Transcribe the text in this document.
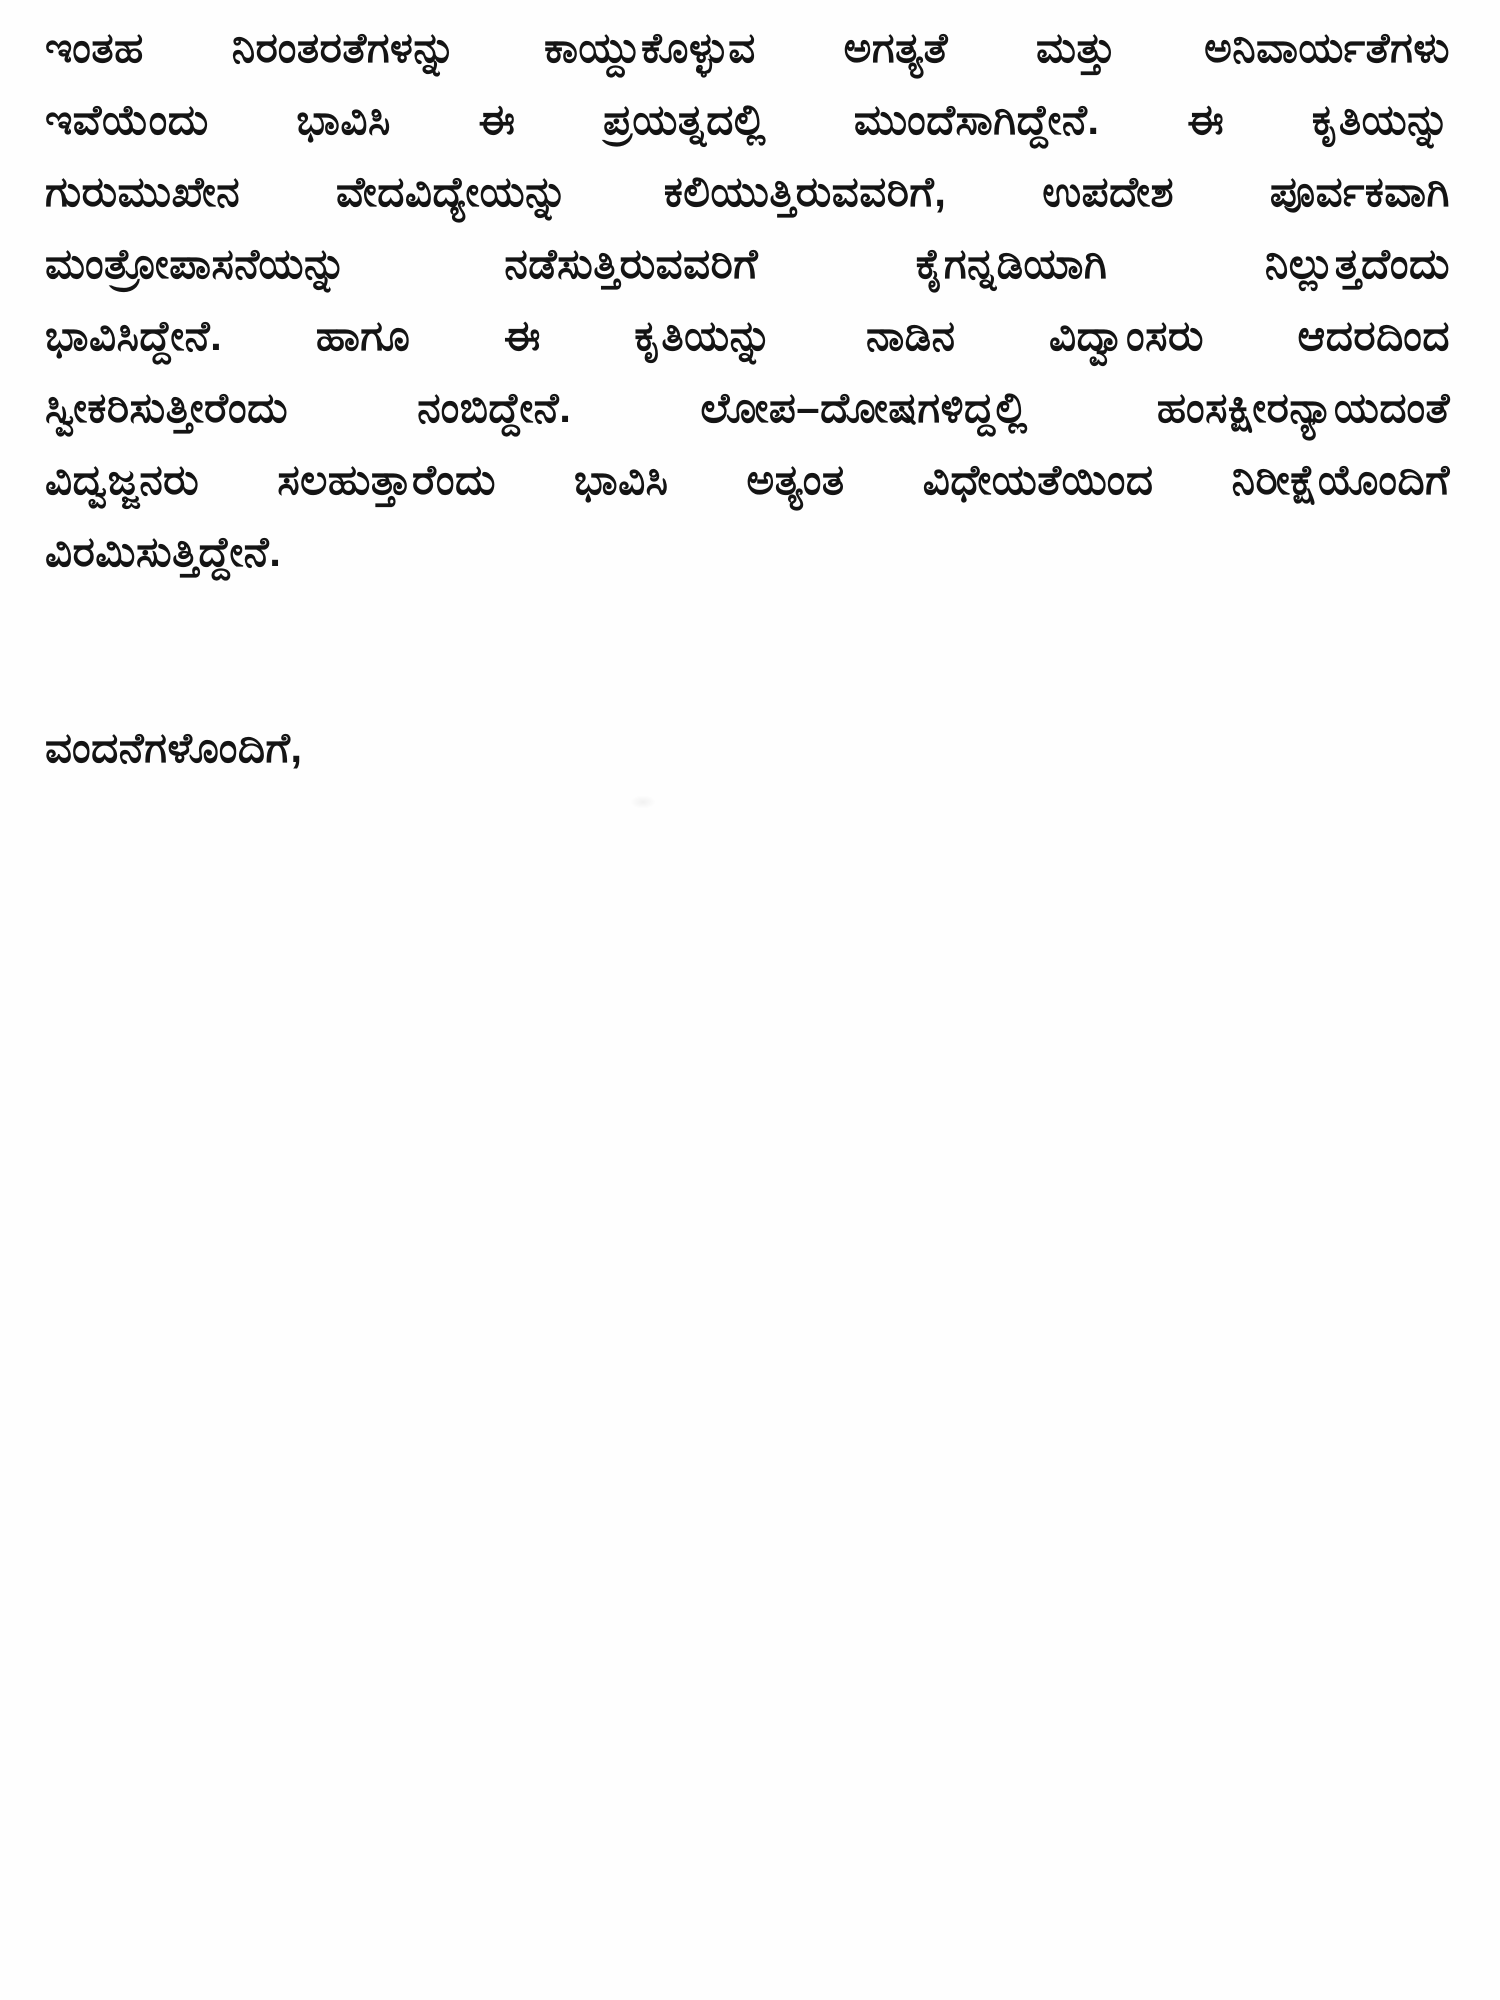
ಇಂತಹ ನಿರಂತರತೆಗಳನ್ನು ಕಾಯ್ದುಕೊಳ್ಳುವ ಅಗತ್ಯತೆ ಮತ್ತು ಅನಿವಾರ್ಯತೆಗಳು
ಇವೆಯೆಂದು ಭಾವಿಸಿ ಈ ಪ್ರಯತ್ನದಲ್ಲಿ ಮುಂದೆಸಾಗಿದ್ದೇನೆ. ಈ ಕೃತಿಯನ್ನು
ಗುರುಮುಖೇನ ವೇದವಿದ್ಯೇಯನ್ನು ಕಲಿಯುತ್ತಿರುವವರಿಗೆ, ಉಪದೇಶ ಪೂರ್ವಕವಾಗಿ
ಮಂತ್ರೋಪಾಸನೆಯನ್ನು ನಡೆಸುತ್ತಿರುವವರಿಗೆ ಕೈಗನ್ನಡಿಯಾಗಿ ನಿಲ್ಲುತ್ತದೆಂದು
ಭಾವಿಸಿದ್ದೇನೆ. ಹಾಗೂ ಈ ಕೃತಿಯನ್ನು ನಾಡಿನ ವಿದ್ವಾಂಸರು ಆದರದಿಂದ
ಸ್ವೀಕರಿಸುತ್ತೀರೆಂದು ನಂಬಿದ್ದೇನೆ. ಲೋಪ–ದೋಷಗಳಿದ್ದಲ್ಲಿ ಹಂಸಕ್ಷೀರನ್ಯಾಯದಂತೆ
ವಿದ್ವಜ್ಜನರು ಸಲಹುತ್ತಾರೆಂದು ಭಾವಿಸಿ ಅತ್ಯಂತ ವಿಧೇಯತೆಯಿಂದ ನಿರೀಕ್ಷೆಯೊಂದಿಗೆ
ವಿರಮಿಸುತ್ತಿದ್ದೇನೆ.
ವಂದನೆಗಳೊಂದಿಗೆ,
